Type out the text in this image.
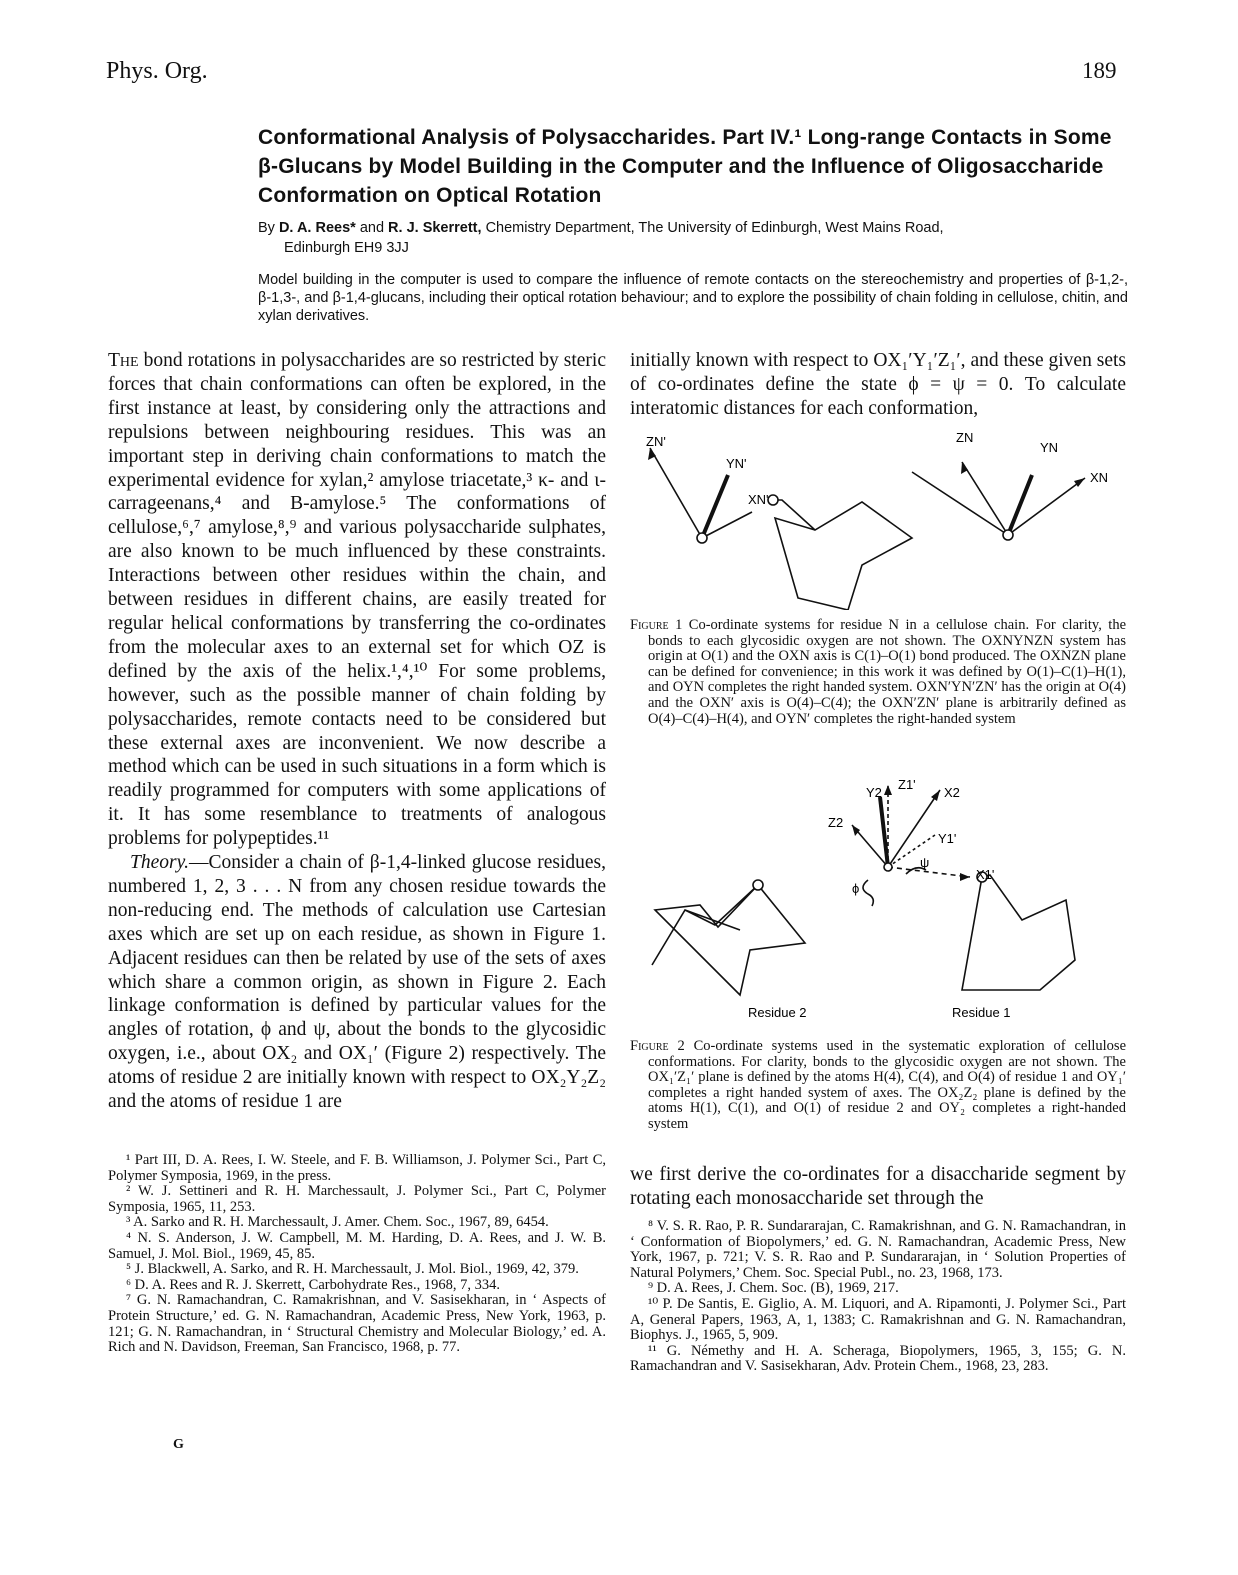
Phys. Org.	189
Conformational Analysis of Polysaccharides. Part IV.¹ Long-range Contacts in Some β-Glucans by Model Building in the Computer and the Influence of Oligosaccharide Conformation on Optical Rotation
By D. A. Rees* and R. J. Skerrett, Chemistry Department, The University of Edinburgh, West Mains Road,
Edinburgh EH9 3JJ
Model building in the computer is used to compare the influence of remote contacts on the stereochemistry and properties of β-1,2-, β-1,3-, and β-1,4-glucans, including their optical rotation behaviour; and to explore the possibility of chain folding in cellulose, chitin, and xylan derivatives.

The bond rotations in polysaccharides are so restricted by steric forces that chain conformations can often be explored, in the first instance at least, by considering only the attractions and repulsions between neighbouring residues. This was an important step in deriving chain conformations to match the experimental evidence for xylan,² amylose triacetate,³ κ- and ι-carrageenans,⁴ and B-amylose.⁵ The conformations of cellulose,⁶,⁷ amylose,⁸,⁹ and various polysaccharide sulphates, are also known to be much influenced by these constraints. Interactions between other residues within the chain, and between residues in different chains, are easily treated for regular helical conformations by transferring the co-ordinates from the molecular axes to an external set for which OZ is defined by the axis of the helix.¹,⁴,¹⁰ For some problems, however, such as the possible manner of chain folding by polysaccharides, remote contacts need to be considered but these external axes are inconvenient. We now describe a method which can be used in such situations in a form which is readily programmed for computers with some applications of it. It has some resemblance to treatments of analogous problems for polypeptides.¹¹

Theory.—Consider a chain of β-1,4-linked glucose residues, numbered 1, 2, 3 . . . N from any chosen residue towards the non-reducing end. The methods of calculation use Cartesian axes which are set up on each residue, as shown in Figure 1. Adjacent residues can then be related by use of the sets of axes which share a common origin, as shown in Figure 2. Each linkage conformation is defined by particular values for the angles of rotation, ϕ and ψ, about the bonds to the glycosidic oxygen, i.e., about OX₂ and OX₁′ (Figure 2) respectively. The atoms of residue 2 are initially known with respect to OX₂Y₂Z₂ and the atoms of residue 1 are

¹ Part III, D. A. Rees, I. W. Steele, and F. B. Williamson, J. Polymer Sci., Part C, Polymer Symposia, 1969, in the press.

² W. J. Settineri and R. H. Marchessault, J. Polymer Sci., Part C, Polymer Symposia, 1965, 11, 253.

³ A. Sarko and R. H. Marchessault, J. Amer. Chem. Soc., 1967, 89, 6454.

⁴ N. S. Anderson, J. W. Campbell, M. M. Harding, D. A. Rees, and J. W. B. Samuel, J. Mol. Biol., 1969, 45, 85.

⁵ J. Blackwell, A. Sarko, and R. H. Marchessault, J. Mol. Biol., 1969, 42, 379.

⁶ D. A. Rees and R. J. Skerrett, Carbohydrate Res., 1968, 7, 334.

⁷ G. N. Ramachandran, C. Ramakrishnan, and V. Sasisekharan, in ‘ Aspects of Protein Structure,’ ed. G. N. Ramachandran, Academic Press, New York, 1963, p. 121; G. N. Ramachandran, in ‘ Structural Chemistry and Molecular Biology,’ ed. A. Rich and N. Davidson, Freeman, San Francisco, 1968, p. 77.

G

initially known with respect to OX₁′Y₁′Z₁′, and these given sets of co-ordinates define the state ϕ = ψ = 0. To calculate interatomic distances for each conformation,

ZN'
YN'
XN'
ZN
YN
XN

Figure 1 Co-ordinate systems for residue N in a cellulose chain. For clarity, the bonds to each glycosidic oxygen are not shown. The OXNYNZN system has origin at O(1) and the OXN axis is C(1)–O(1) bond produced. The OXNZN plane can be defined for convenience; in this work it was defined by O(1)–C(1)–H(1), and OYN completes the right handed system. OXN′YN′ZN′ has the origin at O(4) and the OXN′ axis is O(4)–C(4); the OXN′ZN′ plane is arbitrarily defined as O(4)–C(4)–H(4), and OYN′ completes the right-handed system

Z1'
Y2	X2
Z2
Y1'
X1'
ψ
ϕ
Residue 2	Residue 1

Figure 2 Co-ordinate systems used in the systematic exploration of cellulose conformations. For clarity, bonds to the glycosidic oxygen are not shown. The OX₁′Z₁′ plane is defined by the atoms H(4), C(4), and O(4) of residue 1 and OY₁′ completes a right handed system of axes. The OX₂Z₂ plane is defined by the atoms H(1), C(1), and O(1) of residue 2 and OY₂ completes a right-handed system

we first derive the co-ordinates for a disaccharide segment by rotating each monosaccharide set through the

⁸ V. S. R. Rao, P. R. Sundararajan, C. Ramakrishnan, and G. N. Ramachandran, in ‘ Conformation of Biopolymers,’ ed. G. N. Ramachandran, Academic Press, New York, 1967, p. 721; V. S. R. Rao and P. Sundararajan, in ‘ Solution Properties of Natural Polymers,’ Chem. Soc. Special Publ., no. 23, 1968, 173.

⁹ D. A. Rees, J. Chem. Soc. (B), 1969, 217.

¹⁰ P. De Santis, E. Giglio, A. M. Liquori, and A. Ripamonti, J. Polymer Sci., Part A, General Papers, 1963, A, 1, 1383; C. Ramakrishnan and G. N. Ramachandran, Biophys. J., 1965, 5, 909.

¹¹ G. Némethy and H. A. Scheraga, Biopolymers, 1965, 3, 155; G. N. Ramachandran and V. Sasisekharan, Adv. Protein Chem., 1968, 23, 283.
